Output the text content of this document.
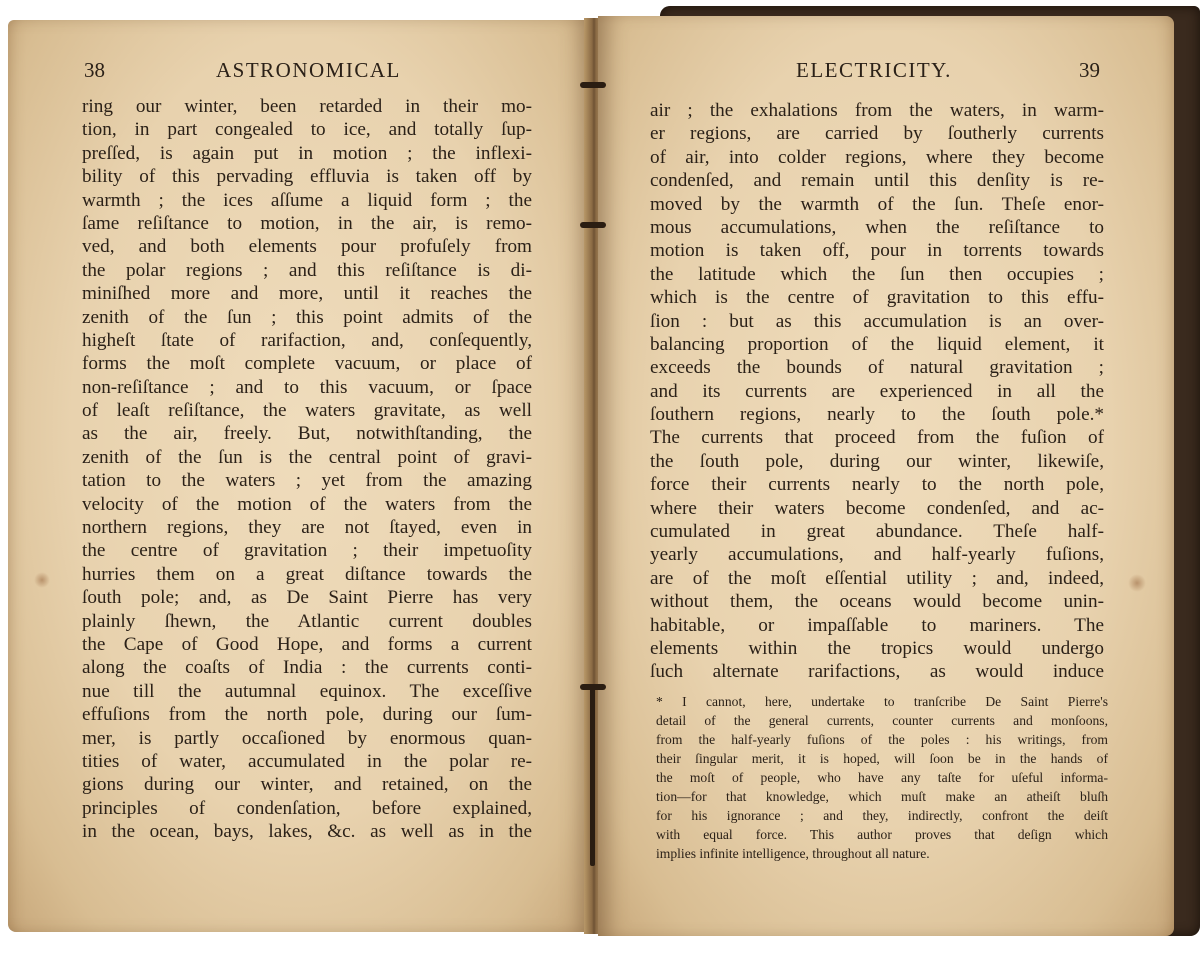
38	ASTRONOMICAL
ring our winter, been retarded in their mo-
tion, in part congealed to ice, and totally ſup-
preſſed, is again put in motion ; the inflexi-
bility of this pervading effluvia is taken off by
warmth ; the ices aſſume a liquid form ; the
ſame reſiſtance to motion, in the air, is remo-
ved, and both elements pour profuſely from
the polar regions ; and this reſiſtance is di-
miniſhed more and more, until it reaches the
zenith of the ſun ; this point admits of the
higheſt ſtate of rarifaction, and, conſequently,
forms the moſt complete vacuum, or place of
non-reſiſtance ; and to this vacuum, or ſpace
of leaſt reſiſtance, the waters gravitate, as well
as the air, freely. But, notwithſtanding, the
zenith of the ſun is the central point of gravi-
tation to the waters ; yet from the amazing
velocity of the motion of the waters from the
northern regions, they are not ſtayed, even in
the centre of gravitation ; their impetuoſity
hurries them on a great diſtance towards the
ſouth pole; and, as De Saint Pierre has very
plainly ſhewn, the Atlantic current doubles
the Cape of Good Hope, and forms a current
along the coaſts of India : the currents conti-
nue till the autumnal equinox. The exceſſive
effuſions from the north pole, during our ſum-
mer, is partly occaſioned by enormous quan-
tities of water, accumulated in the polar re-
gions during our winter, and retained, on the
principles of condenſation, before explained,
in the ocean, bays, lakes, &c. as well as in the
ELECTRICITY.	39
air ; the exhalations from the waters, in warm-
er regions, are carried by ſoutherly currents
of air, into colder regions, where they become
condenſed, and remain until this denſity is re-
moved by the warmth of the ſun. Theſe enor-
mous accumulations, when the reſiſtance to
motion is taken off, pour in torrents towards
the latitude which the ſun then occupies ;
which is the centre of gravitation to this effu-
ſion : but as this accumulation is an over-
balancing proportion of the liquid element, it
exceeds the bounds of natural gravitation ;
and its currents are experienced in all the
ſouthern regions, nearly to the ſouth pole.*
The currents that proceed from the fuſion of
the ſouth pole, during our winter, likewiſe,
force their currents nearly to the north pole,
where their waters become condenſed, and ac-
cumulated in great abundance. Theſe half-
yearly accumulations, and half-yearly fuſions,
are of the moſt eſſential utility ; and, indeed,
without them, the oceans would become unin-
habitable, or impaſſable to mariners. The
elements within the tropics would undergo
ſuch alternate rarifactions, as would induce
* I cannot, here, undertake to tranſcribe De Saint Pierre's
detail of the general currents, counter currents and monſoons,
from the half-yearly fuſions of the poles : his writings, from
their ſingular merit, it is hoped, will ſoon be in the hands of
the moſt of people, who have any taſte for uſeful informa-
tion—for that knowledge, which muſt make an atheiſt bluſh
for his ignorance ; and they, indirectly, confront the deiſt
with equal force. This author proves that deſign which
implies infinite intelligence, throughout all nature.
